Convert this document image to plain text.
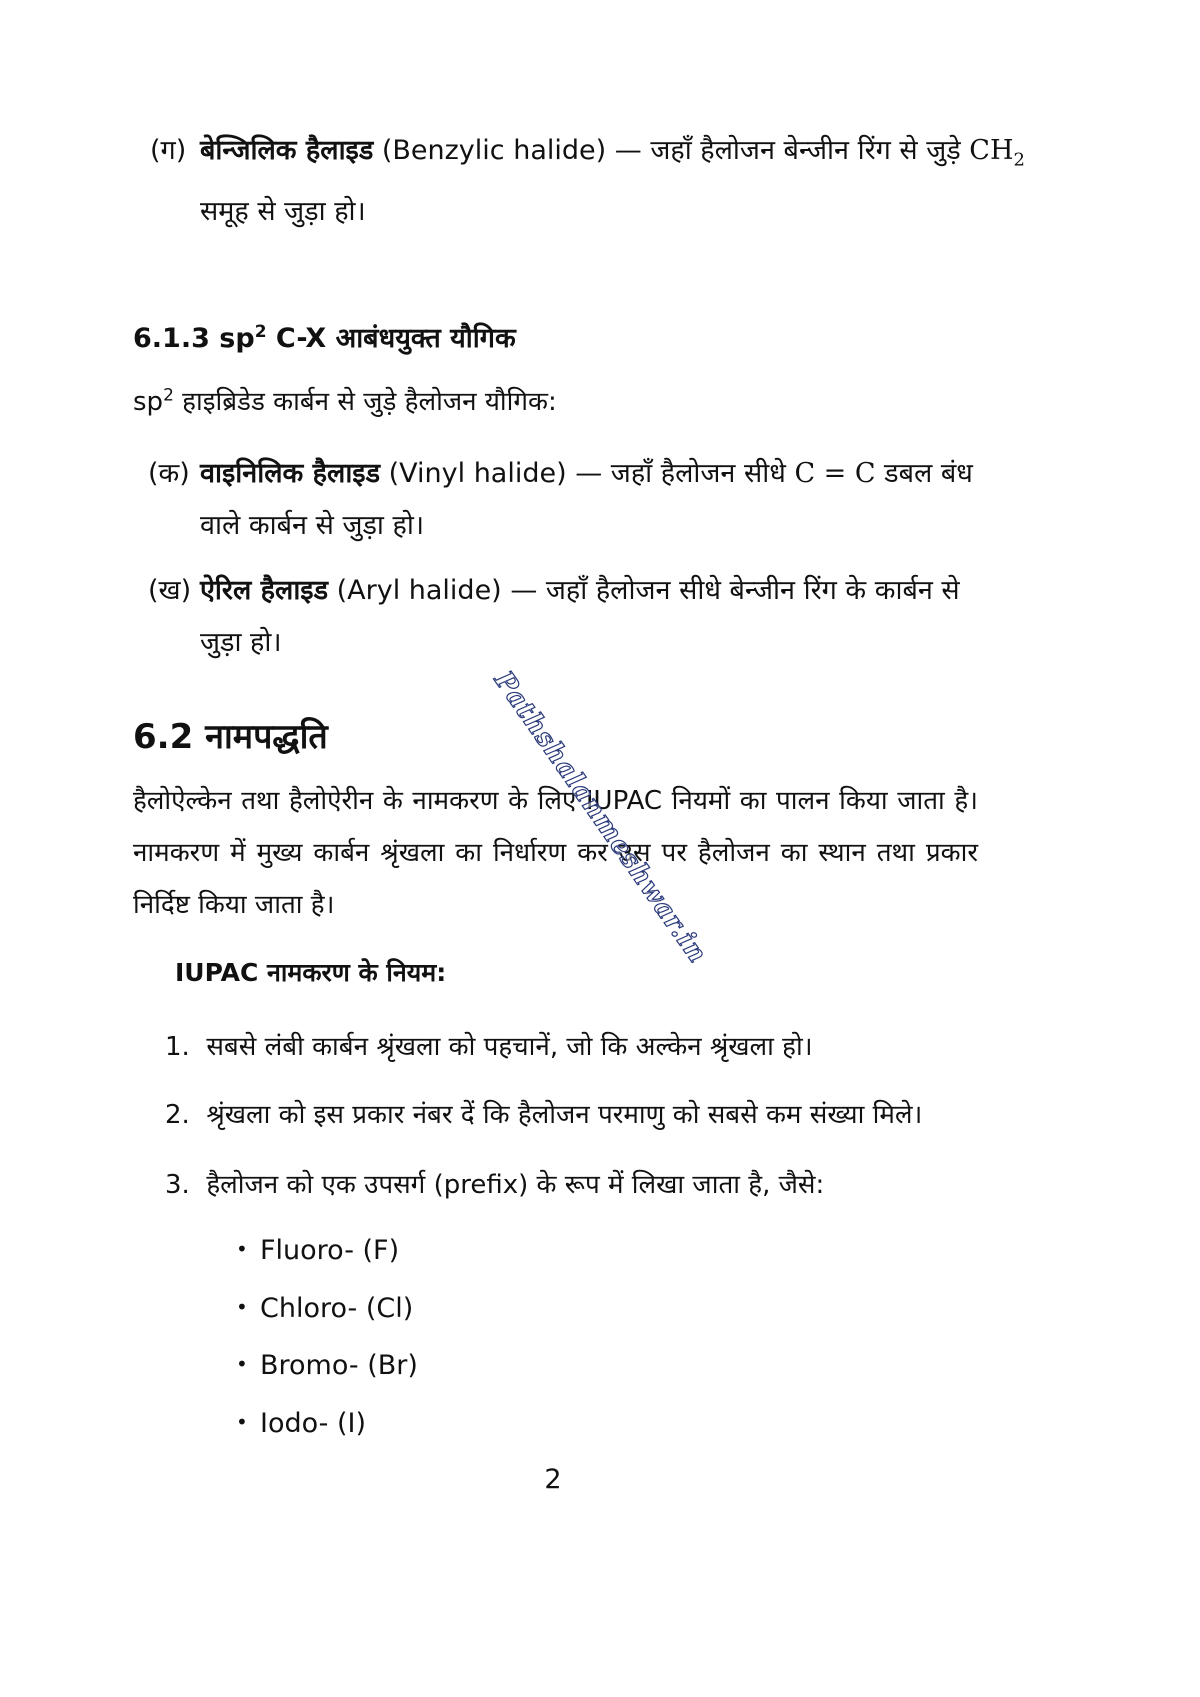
(ग) बेन्जिलिक हैलाइड (Benzylic halide) — जहाँ हैलोजन बेन्जीन रिंग से जुड़े $CH_2$
समूह से जुड़ा हो।
6.1.3 $sp^2$ C-X आबंधयुक्त यौगिक
$sp^2$ हाइब्रिडेड कार्बन से जुड़े हैलोजन यौगिक:
(क) वाइनिलिक हैलाइड (Vinyl halide) — जहाँ हैलोजन सीधे C = C डबल बंध वाले कार्बन से जुड़ा हो।
(ख) ऐरिल हैलाइड (Aryl halide) — जहाँ हैलोजन सीधे बेन्जीन रिंग के कार्बन से जुड़ा हो।
6.2 नामपद्धति
हैलोऐल्केन तथा हैलोऐरीन के नामकरण के लिए IUPAC नियमों का पालन किया जाता है। नामकरण में मुख्य कार्बन श्रृंखला का निर्धारण कर उस पर हैलोजन का स्थान तथा प्रकार निर्दिष्ट किया जाता है।	Pathshalanmeshwar.in
IUPAC नामकरण के नियम:
1. सबसे लंबी कार्बन श्रृंखला को पहचानें, जो कि अल्केन श्रृंखला हो।
2. श्रृंखला को इस प्रकार नंबर दें कि हैलोजन परमाणु को सबसे कम संख्या मिले।
3. हैलोजन को एक उपसर्ग (prefix) के रूप में लिखा जाता है, जैसे:
• Fluoro- (F)
• Chloro- (Cl)
• Bromo- (Br)
• Iodo- (I)
2
